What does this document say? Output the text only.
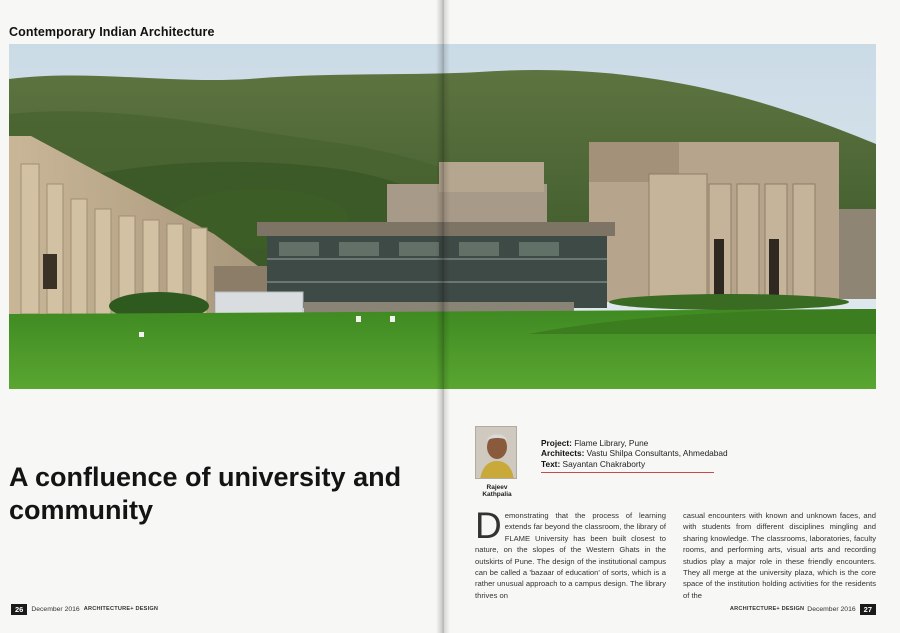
Contemporary Indian Architecture
A confluence of university and community
Rajeev Kathpalia
Project: Flame Library, Pune
Architects: Vastu Shilpa Consultants, Ahmedabad
Text: Sayantan Chakraborty
Demonstrating that the process of learning extends far beyond the classroom, the library of FLAME University has been built closest to nature, on the slopes of the Western Ghats in the outskirts of Pune. The design of the institutional campus can be called a 'bazaar of education' of sorts, which is a rather unusual approach to a campus design. The library thrives on
casual encounters with known and unknown faces, and with students from different disciplines mingling and sharing knowledge. The classrooms, laboratories, faculty rooms, and performing arts, visual arts and recording studios play a major role in these friendly encounters. They all merge at the university plaza, which is the core space of the institution holding activities for the residents of the
26	December 2016 ARCHITECTURE+ DESIGN	ARCHITECTURE+ DESIGN December 2016	27
